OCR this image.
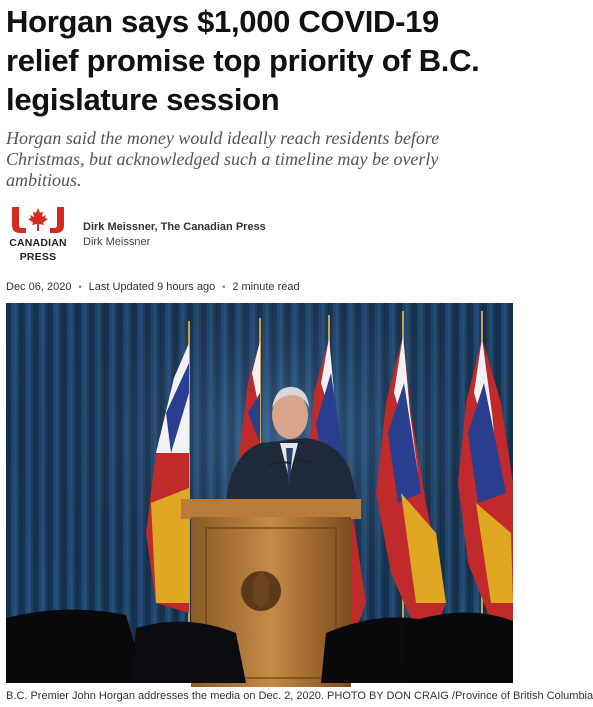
Horgan says $1,000 COVID-19 relief promise top priority of B.C. legislature session

Horgan said the money would ideally reach residents before Christmas, but acknowledged such a timeline may be overly ambitious.

CANADIAN
PRESS
Dirk Meissner, The Canadian Press
Dirk Meissner
Dec 06, 2020 • Last Updated 9 hours ago • 2 minute read
B.C. Premier John Horgan addresses the media on Dec. 2, 2020. PHOTO BY DON CRAIG /Province of British Columbia
